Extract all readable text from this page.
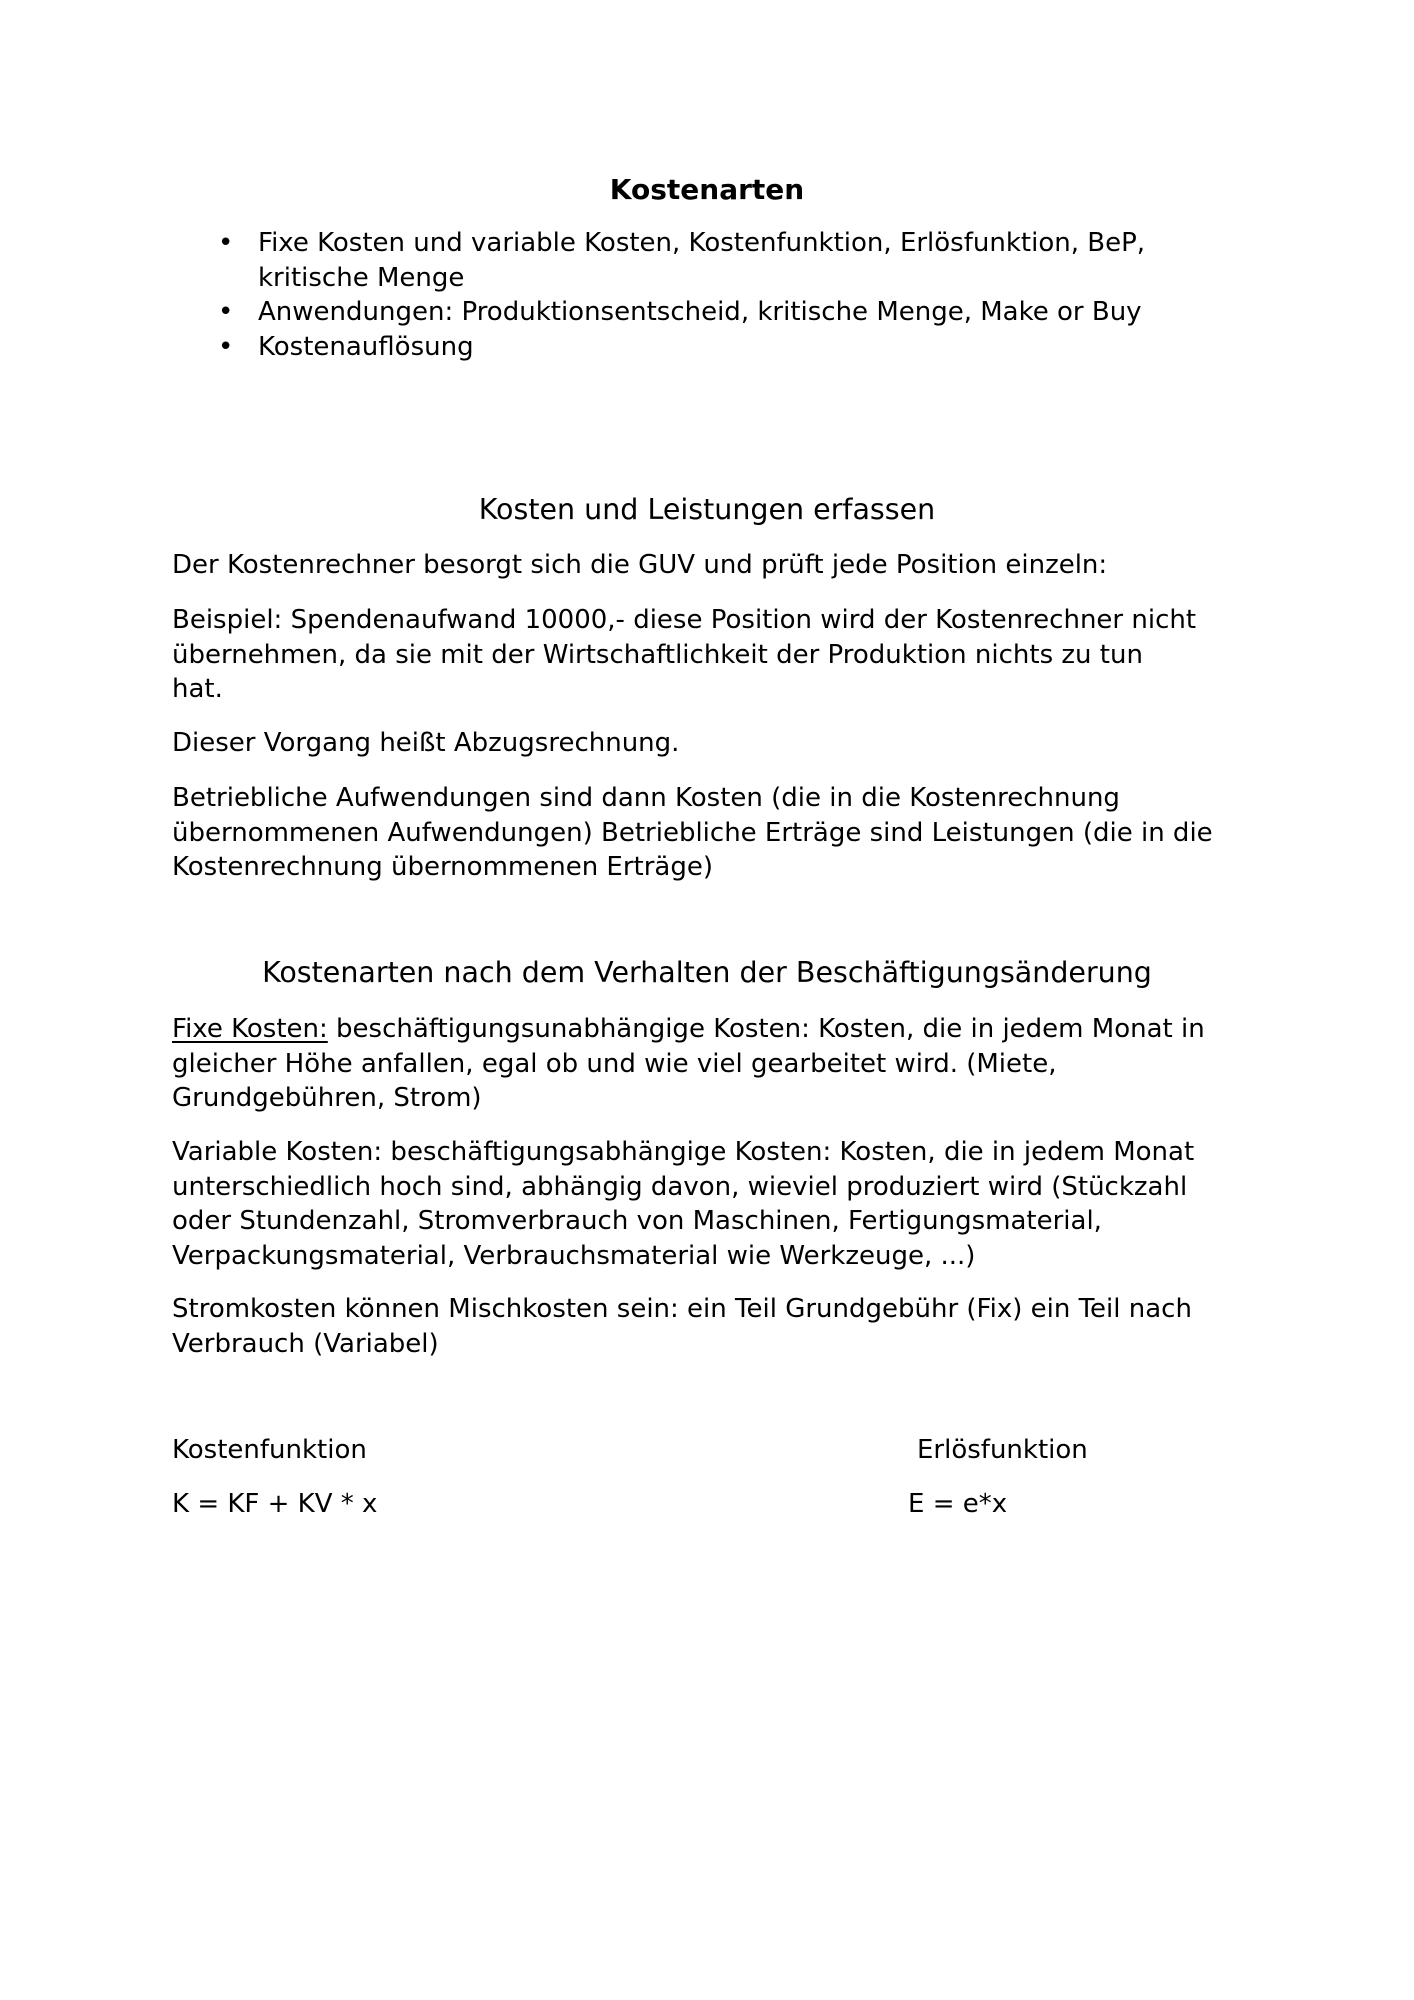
Kostenarten
• Fixe Kosten und variable Kosten, Kostenfunktion, Erlösfunktion, BeP,
kritische Menge
• Anwendungen: Produktionsentscheid, kritische Menge, Make or Buy
• Kostenauflösung
Kosten und Leistungen erfassen
Der Kostenrechner besorgt sich die GUV und prüft jede Position einzeln:
Beispiel: Spendenaufwand 10000,- diese Position wird der Kostenrechner nicht
übernehmen, da sie mit der Wirtschaftlichkeit der Produktion nichts zu tun
hat.
Dieser Vorgang heißt Abzugsrechnung.
Betriebliche Aufwendungen sind dann Kosten (die in die Kostenrechnung
übernommenen Aufwendungen) Betriebliche Erträge sind Leistungen (die in die
Kostenrechnung übernommenen Erträge)
Kostenarten nach dem Verhalten der Beschäftigungsänderung
Fixe Kosten: beschäftigungsunabhängige Kosten: Kosten, die in jedem Monat in
gleicher Höhe anfallen, egal ob und wie viel gearbeitet wird. (Miete,
Grundgebühren, Strom)
Variable Kosten: beschäftigungsabhängige Kosten: Kosten, die in jedem Monat
unterschiedlich hoch sind, abhängig davon, wieviel produziert wird (Stückzahl
oder Stundenzahl, Stromverbrauch von Maschinen, Fertigungsmaterial,
Verpackungsmaterial, Verbrauchsmaterial wie Werkzeuge, ...)
Stromkosten können Mischkosten sein: ein Teil Grundgebühr (Fix) ein Teil nach
Verbrauch (Variabel)
Kostenfunktion
K = KF + KV * x
Erlösfunktion
E = e*x
